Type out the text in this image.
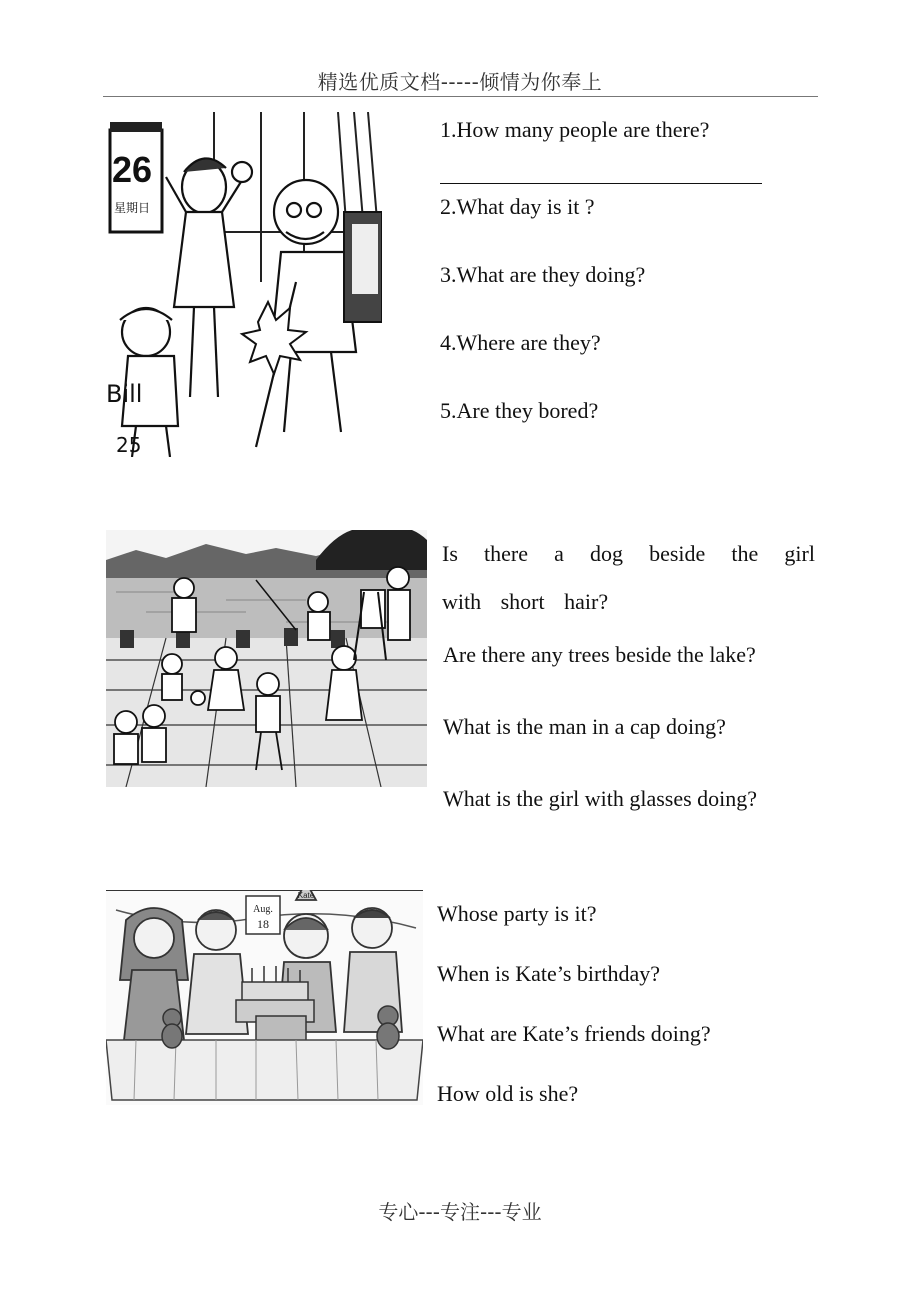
精选优质文档-----倾情为你奉上
26
星期日
Bill
25
1.How many people are there?
2.What day is it ?
3.What are they doing?
4.Where are they?
5.Are they bored?
Is there a dog beside the girl with short hair?
Are there any trees beside the lake?
What is the man in a cap doing?
What is the girl with glasses doing?
Aug.
18
Kate
Whose party is it?
When is Kate’s birthday?
What are Kate’s friends doing?
How old is she?
专心---专注---专业
